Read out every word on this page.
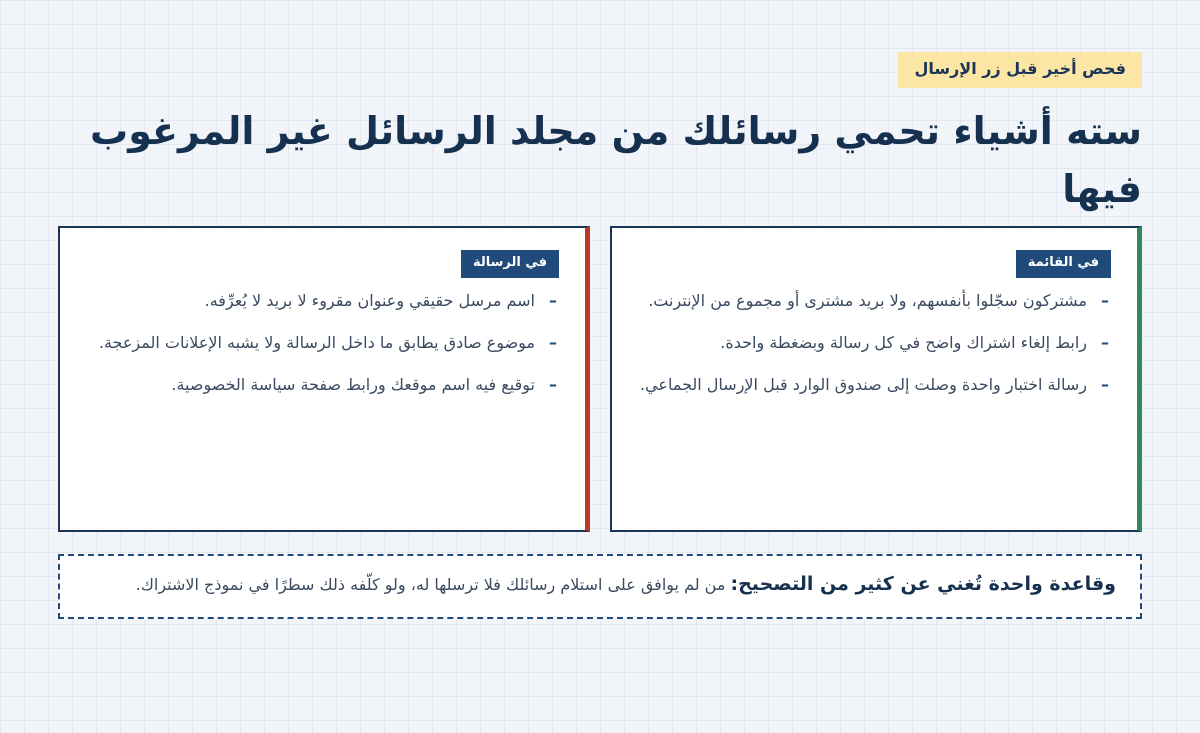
فحص أخير قبل زر الإرسال
سته أشياء تحمي رسائلك من مجلد الرسائل غير المرغوب فيها
في القائمة
–
مشتركون سجّلوا بأنفسهم، ولا بريد مشترى أو مجموع من الإنترنت.
–
رابط إلغاء اشتراك واضح في كل رسالة وبضغطة واحدة.
–
رسالة اختبار واحدة وصلت إلى صندوق الوارد قبل الإرسال الجماعي.
في الرسالة
–
اسم مرسل حقيقي وعنوان مقروء لا بريد لا يُعرِّفه.
–
موضوع صادق يطابق ما داخل الرسالة ولا يشبه الإعلانات المزعجة.
–
توقيع فيه اسم موقعك ورابط صفحة سياسة الخصوصية.
وقاعدة واحدة تُغني عن كثير من التصحيح: من لم يوافق على استلام رسائلك فلا ترسلها له، ولو كلّفه ذلك سطرًا في نموذج الاشتراك.
